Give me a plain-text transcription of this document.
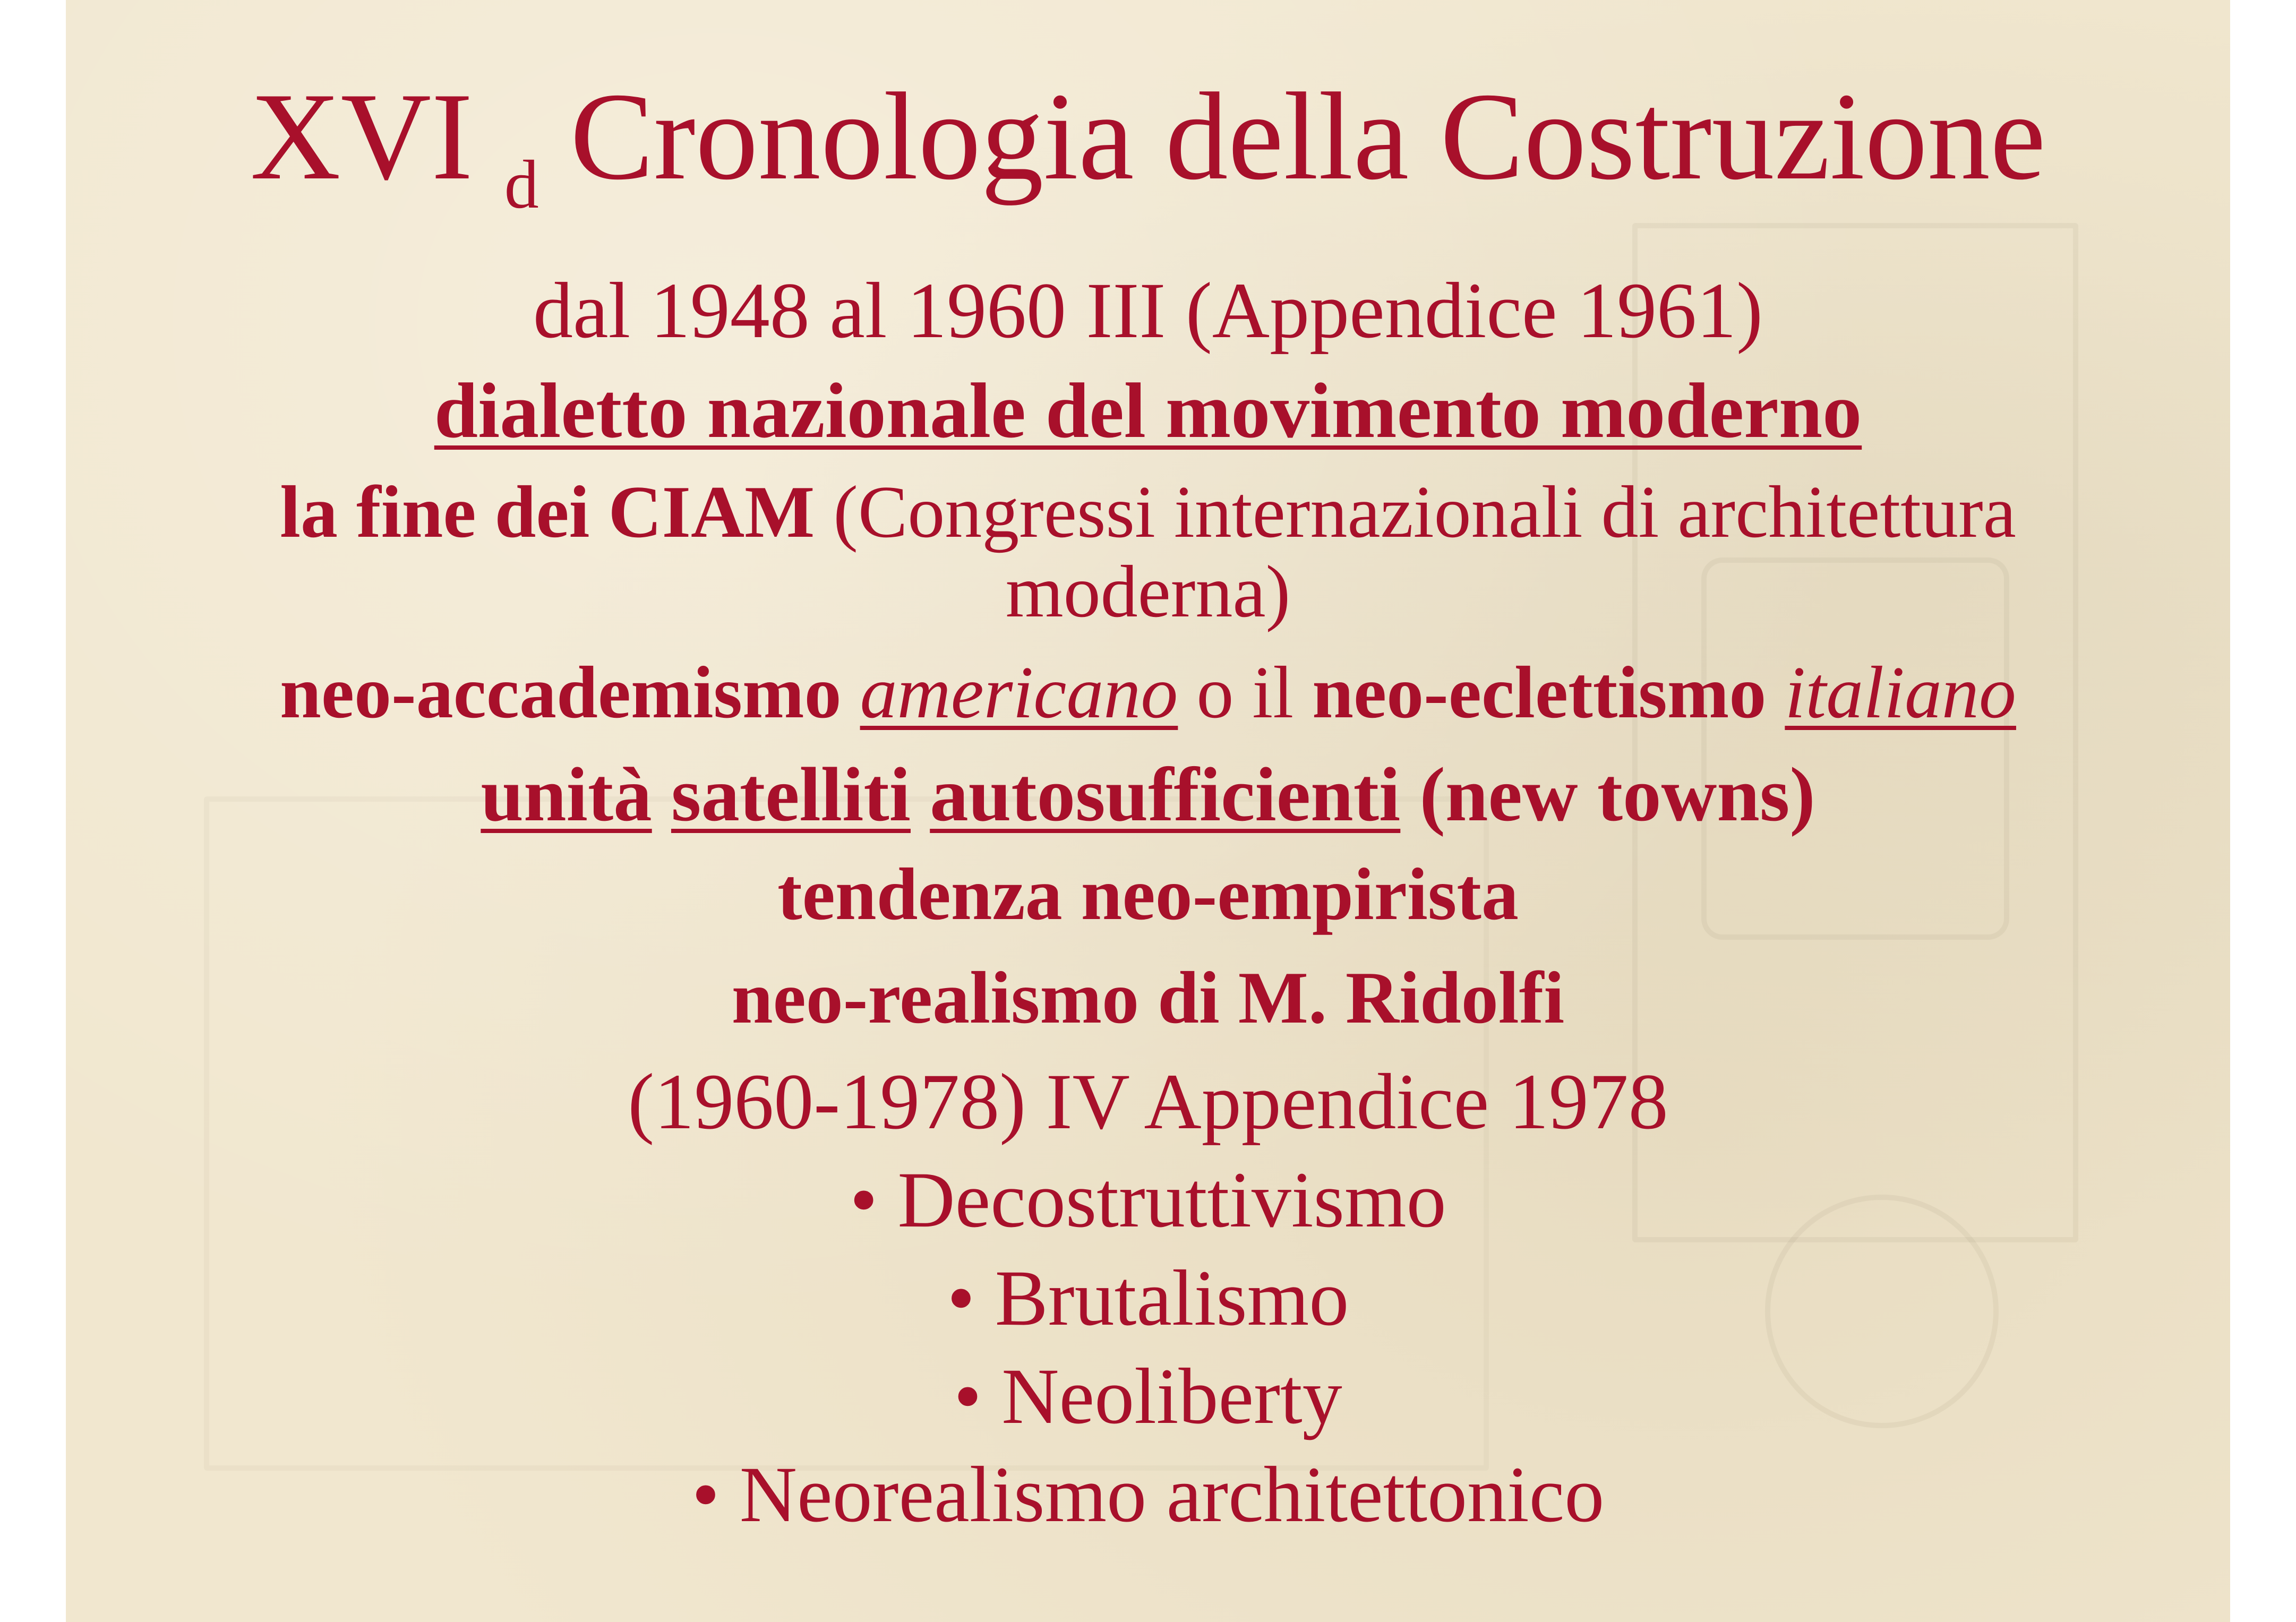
XVI $_d$ Cronologia della Costruzione
dal 1948 al 1960 III (Appendice 1961)
dialetto nazionale del movimento moderno
la fine dei CIAM (Congressi internazionali di architettura
moderna)
neo-accademismo americano o il neo-eclettismo italiano
unità satelliti autosufficienti (new towns)
tendenza neo-empirista
neo-realismo di M. Ridolfi
(1960-1978) IV Appendice 1978
• Decostruttivismo
• Brutalismo
• Neoliberty
• Neorealismo architettonico
